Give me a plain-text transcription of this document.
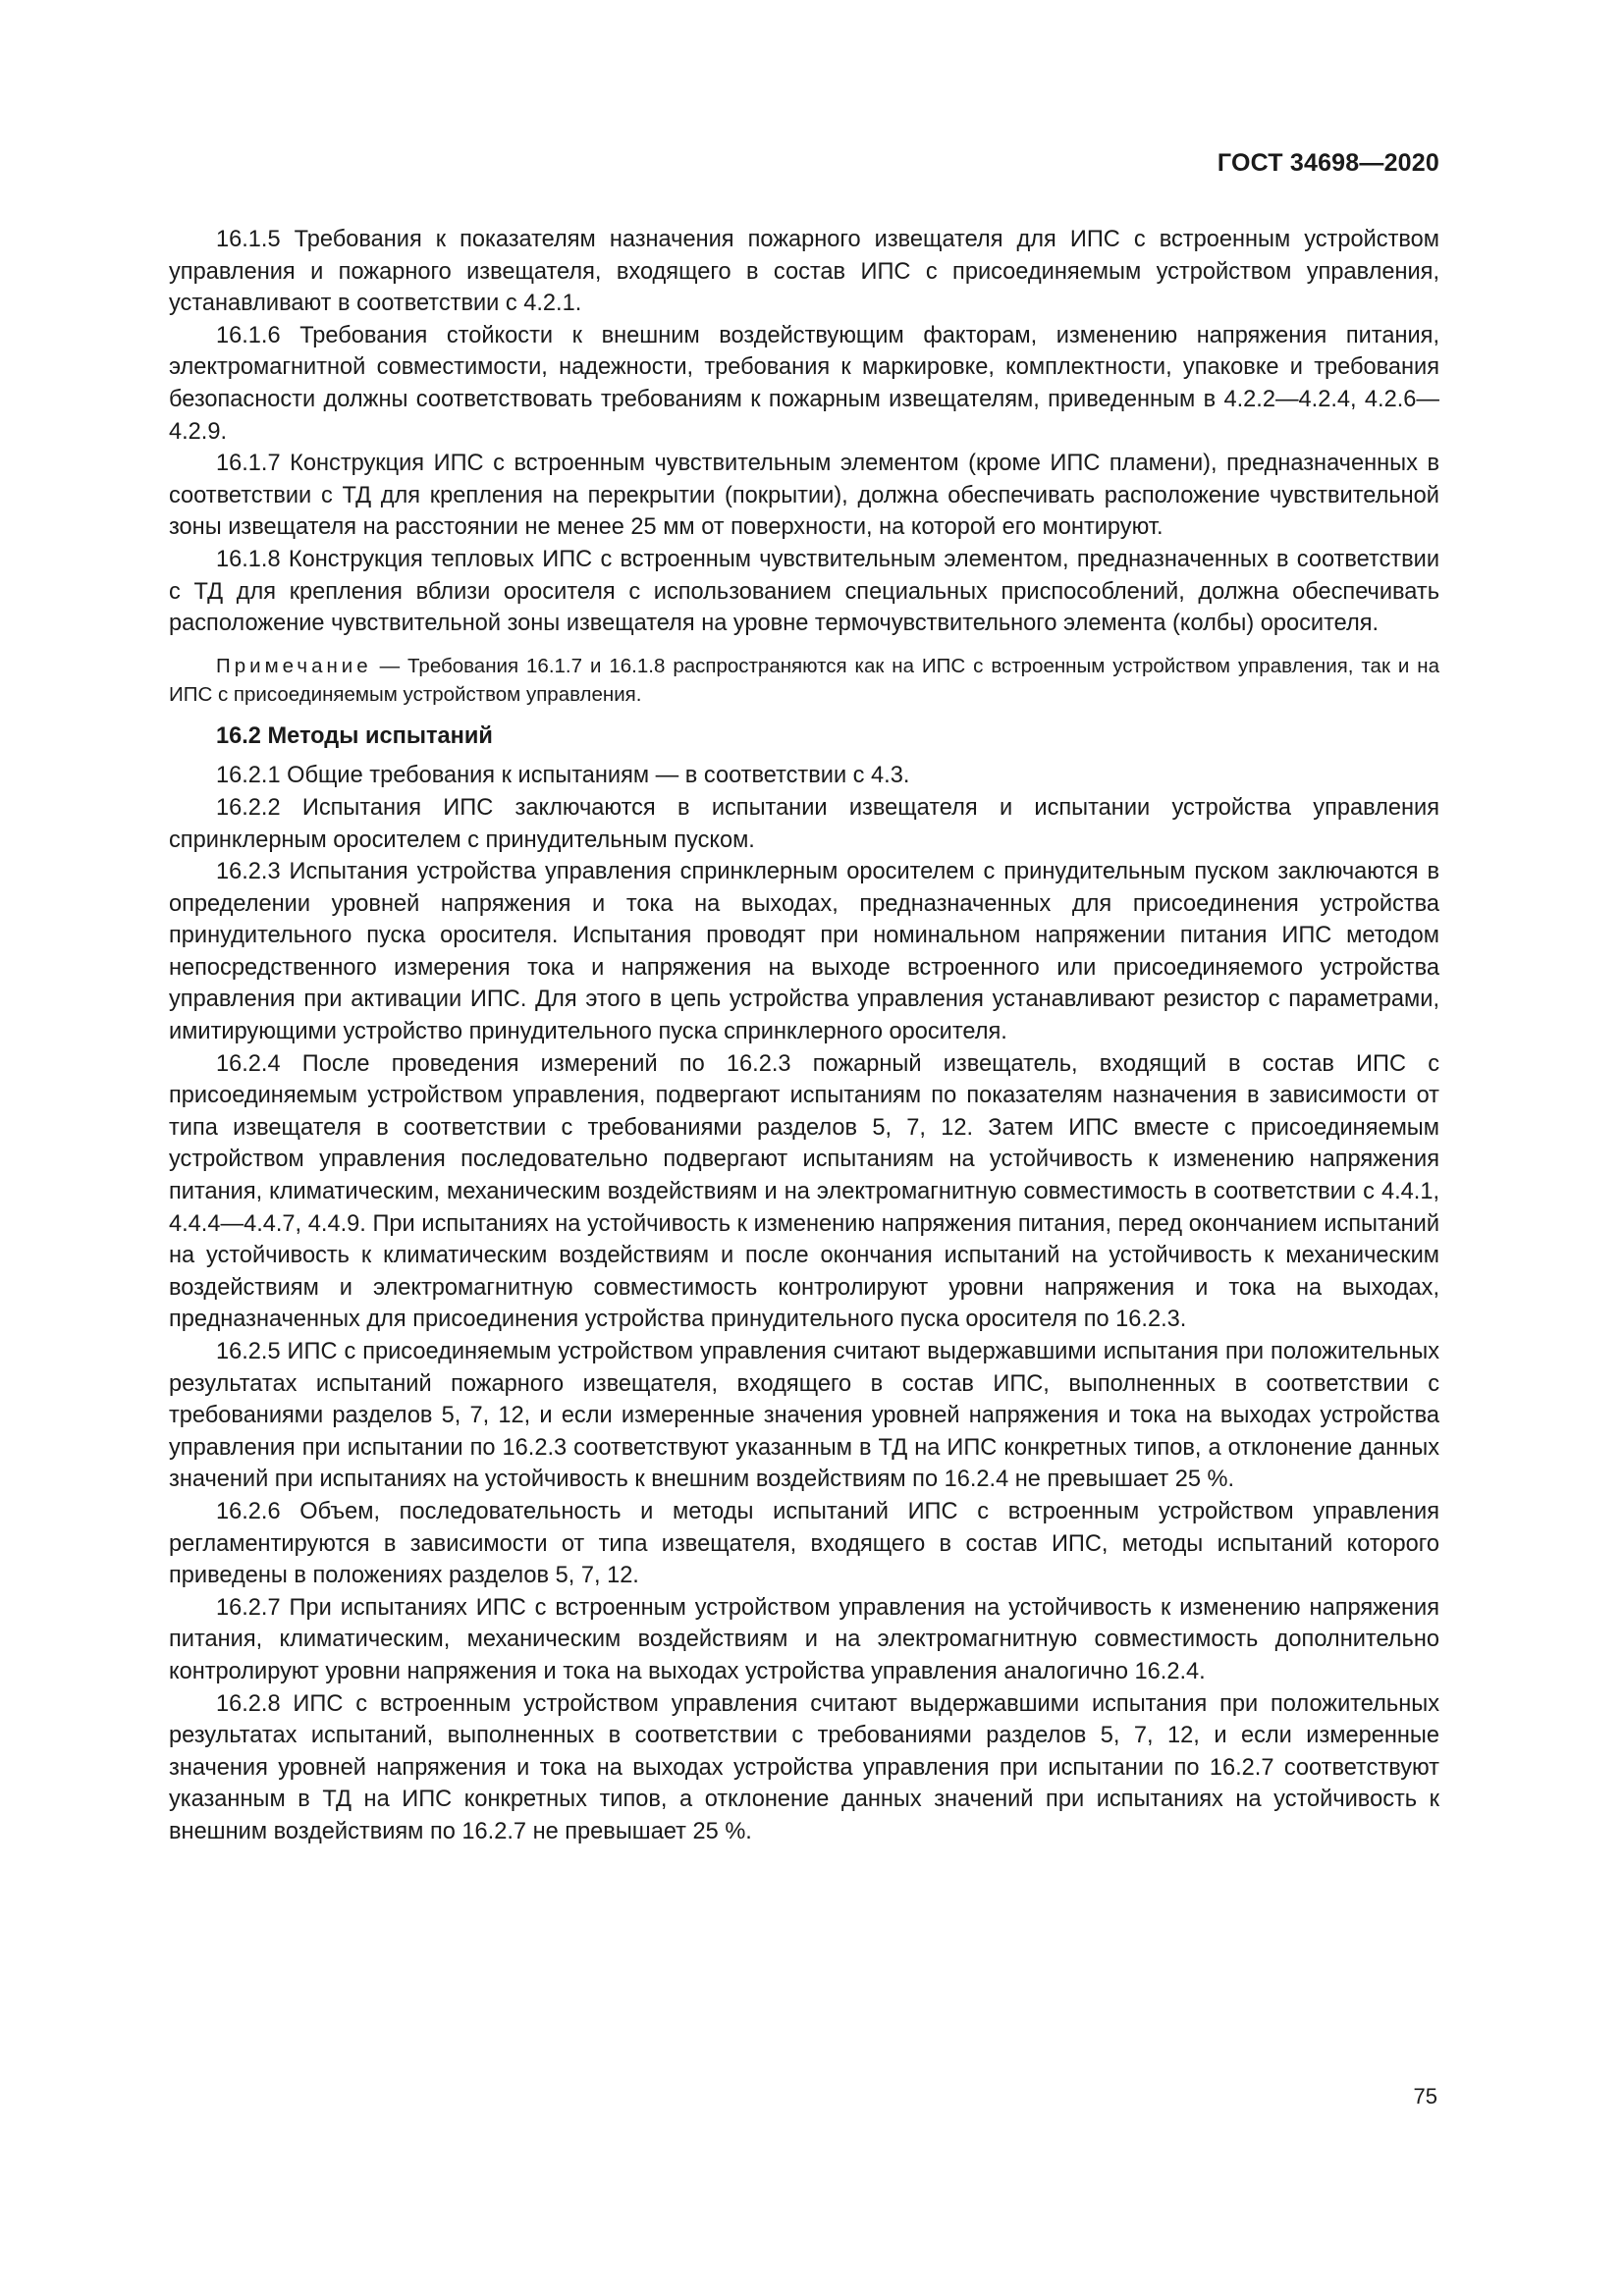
ГОСТ 34698—2020

16.1.5 Требования к показателям назначения пожарного извещателя для ИПС с встроенным устройством управления и пожарного извещателя, входящего в состав ИПС с присоединяемым устройством управления, устанавливают в соответствии с 4.2.1.

16.1.6 Требования стойкости к внешним воздействующим факторам, изменению напряжения питания, электромагнитной совместимости, надежности, требования к маркировке, комплектности, упаковке и требования безопасности должны соответствовать требованиям к пожарным извещателям, приведенным в 4.2.2—4.2.4, 4.2.6—4.2.9.

16.1.7 Конструкция ИПС с встроенным чувствительным элементом (кроме ИПС пламени), предназначенных в соответствии с ТД для крепления на перекрытии (покрытии), должна обеспечивать расположение чувствительной зоны извещателя на расстоянии не менее 25 мм от поверхности, на которой его монтируют.

16.1.8 Конструкция тепловых ИПС с встроенным чувствительным элементом, предназначенных в соответствии с ТД для крепления вблизи оросителя с использованием специальных приспособлений, должна обеспечивать расположение чувствительной зоны извещателя на уровне термочувствительного элемента (колбы) оросителя.

Примечание — Требования 16.1.7 и 16.1.8 распространяются как на ИПС с встроенным устройством управления, так и на ИПС с присоединяемым устройством управления.

16.2 Методы испытаний

16.2.1 Общие требования к испытаниям — в соответствии с 4.3.

16.2.2 Испытания ИПС заключаются в испытании извещателя и испытании устройства управления спринклерным оросителем с принудительным пуском.

16.2.3 Испытания устройства управления спринклерным оросителем с принудительным пуском заключаются в определении уровней напряжения и тока на выходах, предназначенных для присоединения устройства принудительного пуска оросителя. Испытания проводят при номинальном напряжении питания ИПС методом непосредственного измерения тока и напряжения на выходе встроенного или присоединяемого устройства управления при активации ИПС. Для этого в цепь устройства управления устанавливают резистор с параметрами, имитирующими устройство принудительного пуска спринклерного оросителя.

16.2.4 После проведения измерений по 16.2.3 пожарный извещатель, входящий в состав ИПС с присоединяемым устройством управления, подвергают испытаниям по показателям назначения в зависимости от типа извещателя в соответствии с требованиями разделов 5, 7, 12. Затем ИПС вместе с присоединяемым устройством управления последовательно подвергают испытаниям на устойчивость к изменению напряжения питания, климатическим, механическим воздействиям и на электромагнитную совместимость в соответствии с 4.4.1, 4.4.4—4.4.7, 4.4.9. При испытаниях на устойчивость к изменению напряжения питания, перед окончанием испытаний на устойчивость к климатическим воздействиям и после окончания испытаний на устойчивость к механическим воздействиям и электромагнитную совместимость контролируют уровни напряжения и тока на выходах, предназначенных для присоединения устройства принудительного пуска оросителя по 16.2.3.

16.2.5 ИПС с присоединяемым устройством управления считают выдержавшими испытания при положительных результатах испытаний пожарного извещателя, входящего в состав ИПС, выполненных в соответствии с требованиями разделов 5, 7, 12, и если измеренные значения уровней напряжения и тока на выходах устройства управления при испытании по 16.2.3 соответствуют указанным в ТД на ИПС конкретных типов, а отклонение данных значений при испытаниях на устойчивость к внешним воздействиям по 16.2.4 не превышает 25 %.

16.2.6 Объем, последовательность и методы испытаний ИПС с встроенным устройством управления регламентируются в зависимости от типа извещателя, входящего в состав ИПС, методы испытаний которого приведены в положениях разделов 5, 7, 12.

16.2.7 При испытаниях ИПС с встроенным устройством управления на устойчивость к изменению напряжения питания, климатическим, механическим воздействиям и на электромагнитную совместимость дополнительно контролируют уровни напряжения и тока на выходах устройства управления аналогично 16.2.4.

16.2.8 ИПС с встроенным устройством управления считают выдержавшими испытания при положительных результатах испытаний, выполненных в соответствии с требованиями разделов 5, 7, 12, и если измеренные значения уровней напряжения и тока на выходах устройства управления при испытании по 16.2.7 соответствуют указанным в ТД на ИПС конкретных типов, а отклонение данных значений при испытаниях на устойчивость к внешним воздействиям по 16.2.7 не превышает 25 %.

75
